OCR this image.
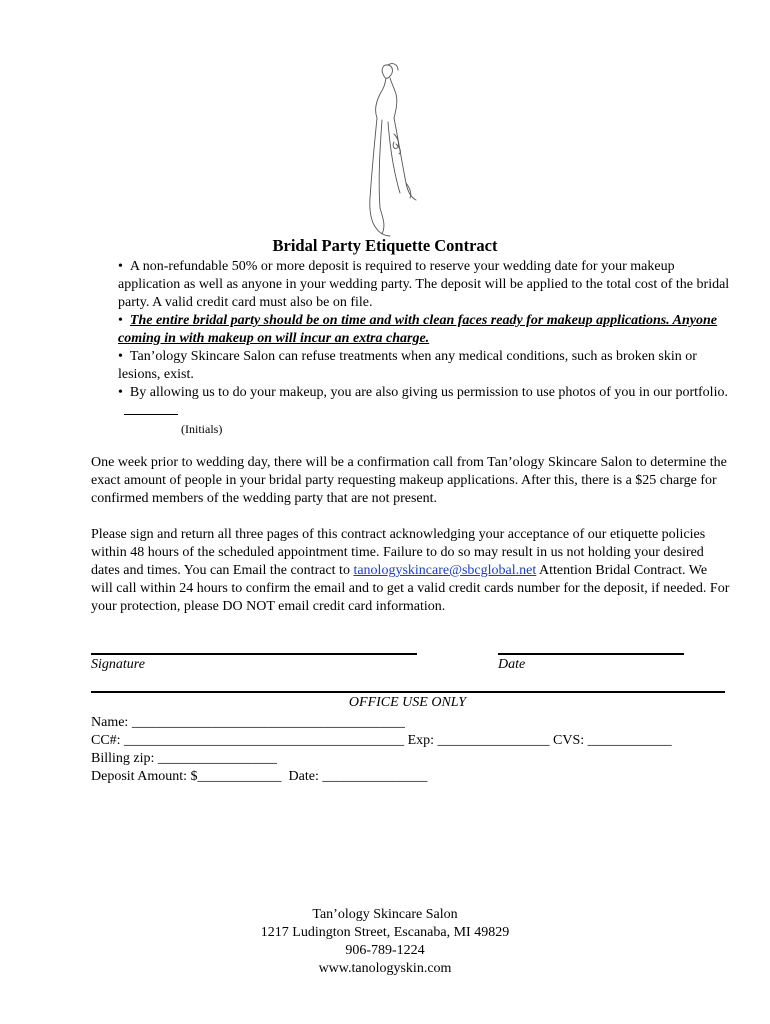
Bridal Party Etiquette Contract

•  A non-refundable 50% or more deposit is required to reserve your wedding date for your makeup application as well as anyone in your wedding party. The deposit will be applied to the total cost of the bridal party. A valid credit card must also be on file.

•  The entire bridal party should be on time and with clean faces ready for makeup applications. Anyone coming in with makeup on will incur an extra charge.

•  Tan’ology Skincare Salon can refuse treatments when any medical conditions, such as broken skin or lesions, exist.

•  By allowing us to do your makeup, you are also giving us permission to use photos of you in our portfolio.

(Initials)

One week prior to wedding day, there will be a confirmation call from Tan’ology Skincare Salon to determine the exact amount of people in your bridal party requesting makeup applications. After this, there is a $25 charge for confirmed members of the wedding party that are not present.

Please sign and return all three pages of this contract acknowledging your acceptance of our etiquette policies within 48 hours of the scheduled appointment time. Failure to do so may result in us not holding your desired dates and times. You can Email the contract to tanologyskincare@sbcglobal.net Attention Bridal Contract. We will call within 24 hours to confirm the email and to get a valid credit cards number for the deposit, if needed. For your protection, please DO NOT email credit card information.

Signature	Date
OFFICE USE ONLY
Name: _______________________________________
CC#: ________________________________________ Exp: ________________ CVS: ____________
Billing zip: _________________
Deposit Amount: $____________  Date: _______________
Tan’ology Skincare Salon
1217 Ludington Street, Escanaba, MI 49829
906-789-1224
www.tanologyskin.com
